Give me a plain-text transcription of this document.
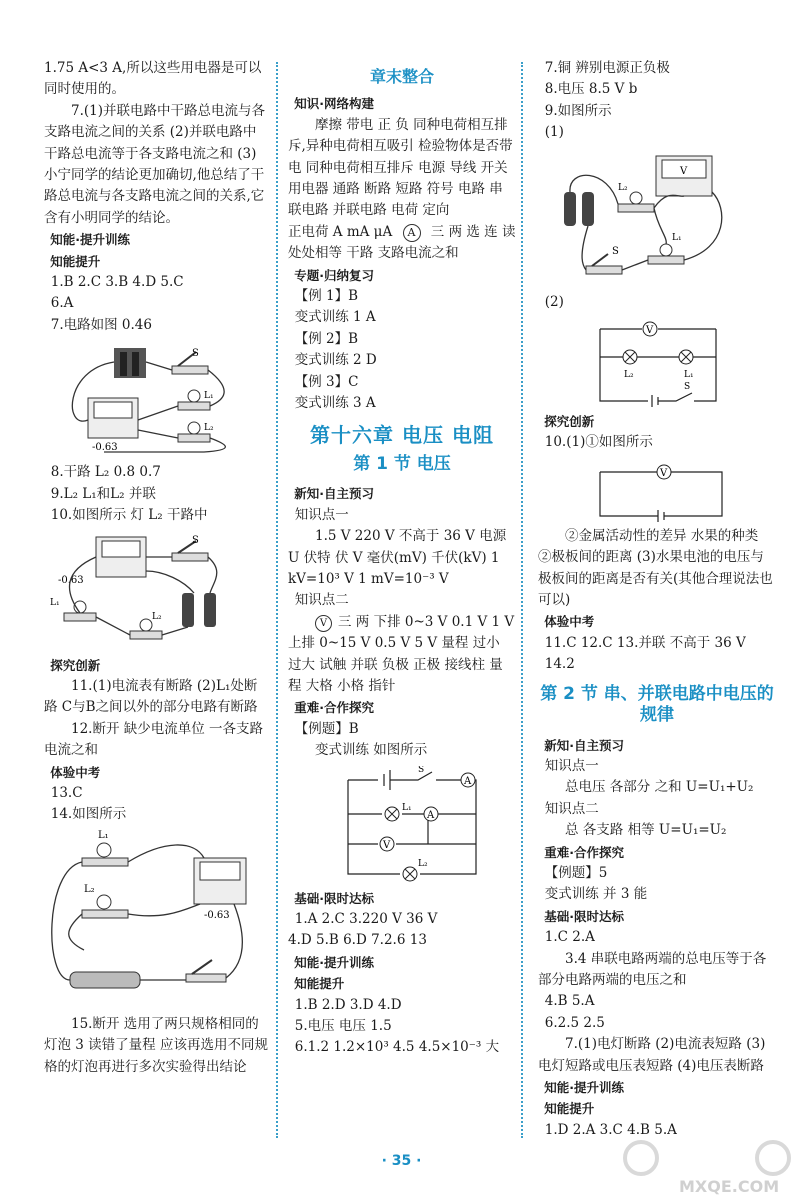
1.75 A<3 A,所以这些用电器是可以同时使用的。

7.(1)并联电路中干路总电流与各支路电流之间的关系 (2)并联电路中干路总电流等于各支路电流之和 (3)小宁同学的结论更加确切,他总结了干路总电流与各支路电流之间的关系,它含有小明同学的结论。

知能·提升训练

知能提升

1.B 2.C 3.B 4.D 5.C

6.A

7.电路如图 0.46

S
-0.63
L₁
L₂

8.干路 L₂ 0.8 0.7

9.L₂ L₁和L₂ 并联

10.如图所示 灯 L₂ 干路中

-0.63
S
L₁
L₂

探究创新

11.(1)电流表有断路 (2)L₁处断路 C与B之间以外的部分电路有断路

12.断开 缺少电流单位 一各支路电流之和

体验中考

13.C

14.如图所示

L₁
L₂
-0.63

15.断开 选用了两只规格相同的灯泡 3 读错了量程 应该再选用不同规格的灯泡再进行多次实验得出结论

章末整合

知识·网络构建

摩擦 带电 正 负 同种电荷相互排斥,异种电荷相互吸引 检验物体是否带电 同种电荷相互排斥 电源 导线 开关 用电器 通路 断路 短路 符号 电路 串联电路 并联电路 电荷 定向

正电荷 A mA μA A 三 两 选 连 读 处处相等 干路 支路电流之和

专题·归纳复习

【例 1】B

变式训练 1 A

【例 2】B

变式训练 2 D

【例 3】C

变式训练 3 A

第十六章 电压 电阻

第 1 节 电压

新知·自主预习

知识点一

1.5 V 220 V 不高于 36 V 电源 U 伏特 伏 V 毫伏(mV) 千伏(kV) 1 kV=10³ V 1 mV=10⁻³ V

知识点二

V 三 两 下排 0~3 V 0.1 V 1 V 上排 0~15 V 0.5 V 5 V 量程 过小 过大 试触 并联 负极 正极 接线柱 量程 大格 小格 指针

重难·合作探究

【例题】B

变式训练 如图所示

A
L₁
A
V
L₂
S

基础·限时达标

1.A 2.C 3.220 V 36 V

4.D 5.B 6.D 7.2.6 13

知能·提升训练

知能提升

1.B 2.D 3.D 4.D

5.电压 电压 1.5

6.1.2 1.2×10³ 4.5 4.5×10⁻³ 大

7.铜 辨别电源正负极

8.电压 8.5 V b

9.如图所示

(1)

V
L₂
L₁
S

(2)

V
L₂	L₁
S

探究创新

10.(1)①如图所示

V

②金属活动性的差异 水果的种类 ②极板间的距离 (3)水果电池的电压与极板间的距离是否有关(其他合理说法也可以)

体验中考

11.C 12.C 13.并联 不高于 36 V 14.2

第 2 节 串、并联电路中电压的规律

新知·自主预习

知识点一

总电压 各部分 之和 U=U₁+U₂

知识点二

总 各支路 相等 U=U₁=U₂

重难·合作探究

【例题】5

变式训练 并 3 能

基础·限时达标

1.C 2.A

3.4 串联电路两端的总电压等于各部分电路两端的电压之和

4.B 5.A

6.2.5 2.5

7.(1)电灯断路 (2)电流表短路 (3)电灯短路或电压表短路 (4)电压表断路

知能·提升训练

知能提升

1.D 2.A 3.C 4.B 5.A

· 35 ·
MXQE.COM
